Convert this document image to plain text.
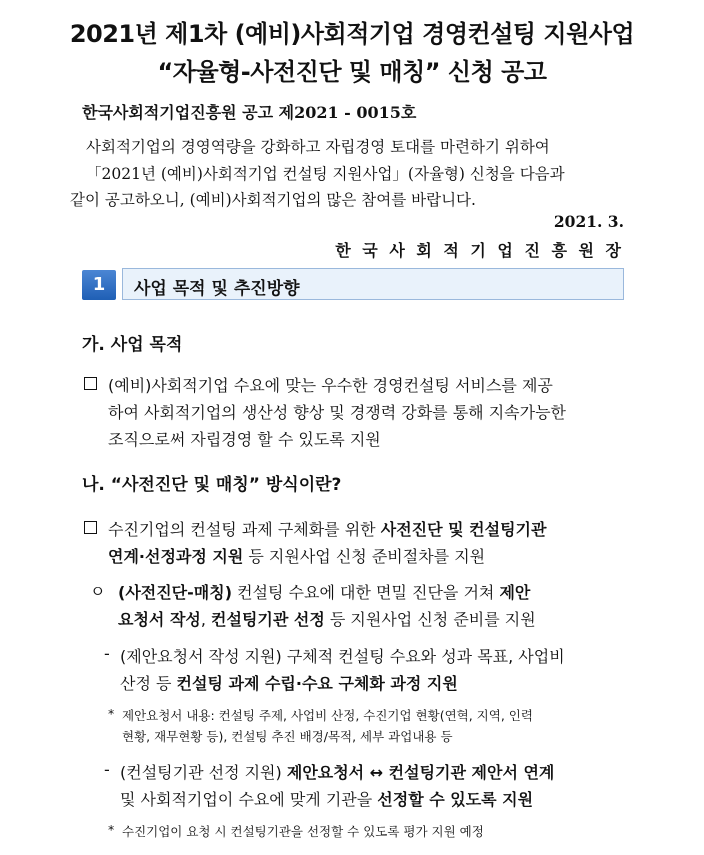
2021년 제1차 (예비)사회적기업 경영컨설팅 지원사업
“자율형-사전진단 및 매칭” 신청 공고
한국사회적기업진흥원 공고 제2021 - 0015호
사회적기업의 경영역량을 강화하고 자립경영 토대를 마련하기 위하여
「2021년 (예비)사회적기업 컨설팅 지원사업」(자율형) 신청을 다음과
같이 공고하오니, (예비)사회적기업의 많은 참여를 바랍니다.
2021. 3.
한 국 사 회 적 기 업 진 흥 원 장
1	사업 목적 및 추진방향
가. 사업 목적
(예비)사회적기업 수요에 맞는 우수한 경영컨설팅 서비스를 제공
하여 사회적기업의 생산성 향상 및 경쟁력 강화를 통해 지속가능한
조직으로써 자립경영 할 수 있도록 지원
나. “사전진단 및 매칭” 방식이란?
수진기업의 컨설팅 과제 구체화를 위한 사전진단 및 컨설팅기관
연계·선정과정 지원 등 지원사업 신청 준비절차를 지원
ㅇ (사전진단-매칭) 컨설팅 수요에 대한 면밀 진단을 거쳐 제안
요청서 작성, 컨설팅기관 선정 등 지원사업 신청 준비를 지원
- (제안요청서 작성 지원) 구체적 컨설팅 수요와 성과 목표, 사업비
산정 등 컨설팅 과제 수립·수요 구체화 과정 지원
* 제안요청서 내용: 컨설팅 주제, 사업비 산정, 수진기업 현황(연혁, 지역, 인력
현황, 재무현황 등), 컨설팅 추진 배경/목적, 세부 과업내용 등
- (컨설팅기관 선정 지원) 제안요청서 ↔ 컨설팅기관 제안서 연계
및 사회적기업이 수요에 맞게 기관을 선정할 수 있도록 지원
* 수진기업이 요청 시 컨설팅기관을 선정할 수 있도록 평가 지원 예정
